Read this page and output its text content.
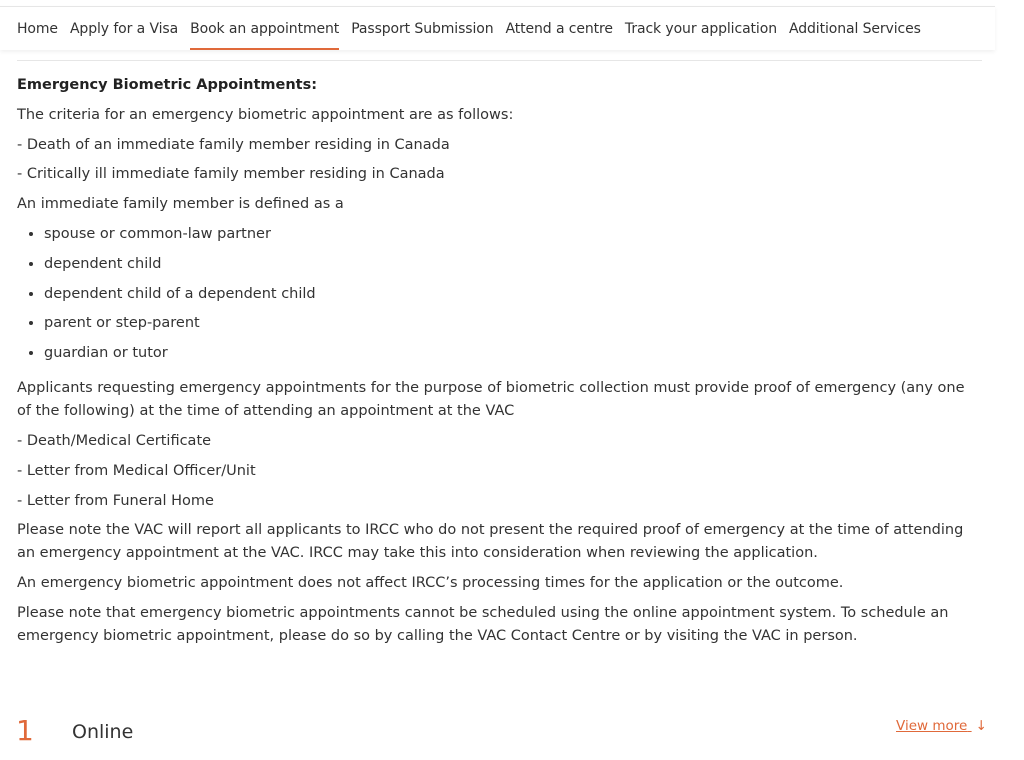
Home Apply for a Visa Book an appointment Passport Submission Attend a centre Track your application Additional Services

Emergency Biometric Appointments:

The criteria for an emergency biometric appointment are as follows:

- Death of an immediate family member residing in Canada

- Critically ill immediate family member residing in Canada

An immediate family member is defined as a

• spouse or common-law partner
• dependent child
• dependent child of a dependent child
• parent or step-parent
• guardian or tutor

Applicants requesting emergency appointments for the purpose of biometric collection must provide proof of emergency (any one of the following) at the time of attending an appointment at the VAC

- Death/Medical Certificate

- Letter from Medical Officer/Unit

- Letter from Funeral Home

Please note the VAC will report all applicants to IRCC who do not present the required proof of emergency at the time of attending an emergency appointment at the VAC. IRCC may take this into consideration when reviewing the application.

An emergency biometric appointment does not affect IRCC’s processing times for the application or the outcome.

Please note that emergency biometric appointments cannot be scheduled using the online appointment system. To schedule an emergency biometric appointment, please do so by calling the VAC Contact Centre or by visiting the VAC in person.

1 Online	View more ↓
